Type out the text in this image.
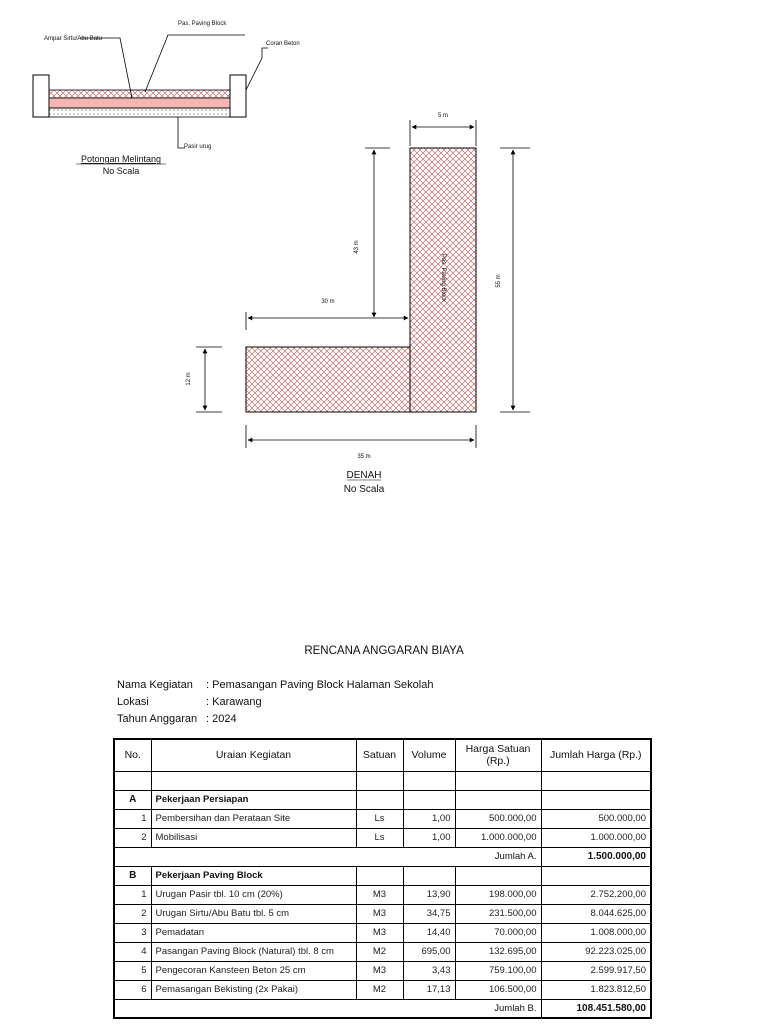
Ampar Sirtu/Abu Batu
Pas. Paving Block
Coran Beton
Pasir urug
Potongan Melintang
No Scala
5 m
43 m
30 m
55 m
12 m
35 m
Pas. Paving Block
DENAH
No Scala
RENCANA ANGGARAN BIAYA
Nama Kegiatan	: Pemasangan Paving Block Halaman Sekolah
Lokasi	: Karawang
Tahun Anggaran : 2024
No.	Uraian Kegiatan	Satuan	Volume	Harga Satuan (Rp.)	Jumlah Harga (Rp.)

A	Pekerjaan Persiapan				
1	Pembersihan dan Perataan Site	Ls	1,00	500.000,00	500.000,00
2	Mobilisasi	Ls	1,00	1.000.000,00	1.000.000,00
Jumlah A.					1.500.000,00
B	Pekerjaan Paving Block				
1	Urugan Pasir tbl. 10 cm (20%)	M3	13,90	198.000,00	2.752.200,00
2	Urugan Sirtu/Abu Batu tbl. 5 cm	M3	34,75	231.500,00	8.044.625,00
3	Pemadatan	M3	14,40	70.000,00	1.008.000,00
4	Pasangan Paving Block (Natural) tbl. 8 cm	M2	695,00	132.695,00	92.223.025,00
5	Pengecoran Kansteen Beton 25 cm	M3	3,43	759.100,00	2.599.917,50
6	Pemasangan Bekisting (2x Pakai)	M2	17,13	106.500,00	1.823.812,50
Jumlah B.					108.451.580,00
